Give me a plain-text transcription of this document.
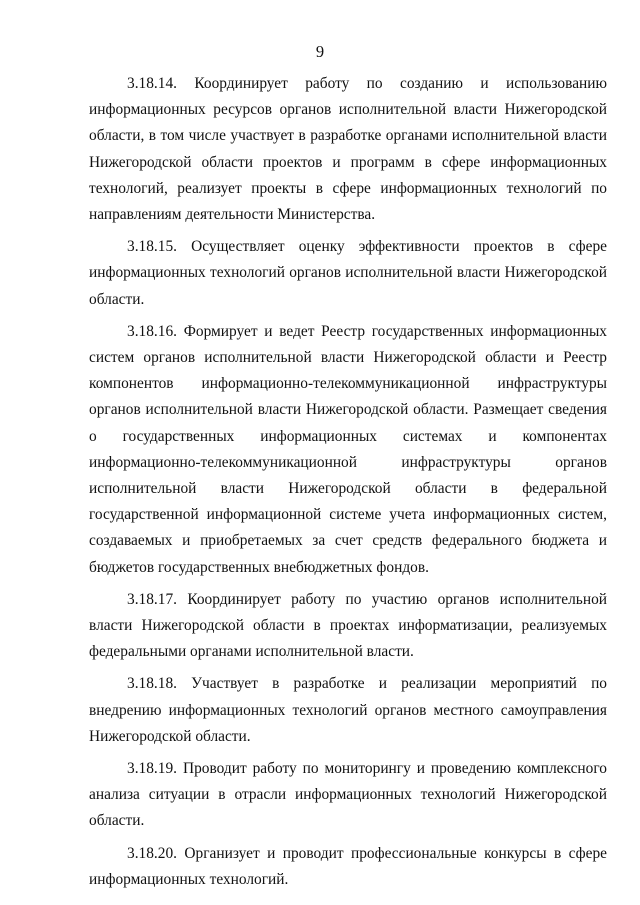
9

3.18.14. Координирует работу по созданию и использованию информационных ресурсов органов исполнительной власти Нижегородской области, в том числе участвует в разработке органами исполнительной власти Нижегородской области проектов и программ в сфере информационных технологий, реализует проекты в сфере информационных технологий по направлениям деятельности Министерства.

3.18.15. Осуществляет оценку эффективности проектов в сфере информационных технологий органов исполнительной власти Нижегородской области.

3.18.16. Формирует и ведет Реестр государственных информационных систем органов исполнительной власти Нижегородской области и Реестр компонентов информационно-телекоммуникационной инфраструктуры органов исполнительной власти Нижегородской области. Размещает сведения о государственных информационных системах и компонентах информационно-телекоммуникационной инфраструктуры органов исполнительной власти Нижегородской области в федеральной государственной информационной системе учета информационных систем, создаваемых и приобретаемых за счет средств федерального бюджета и бюджетов государственных внебюджетных фондов.

3.18.17. Координирует работу по участию органов исполнительной власти Нижегородской области в проектах информатизации, реализуемых федеральными органами исполнительной власти.

3.18.18. Участвует в разработке и реализации мероприятий по внедрению информационных технологий органов местного самоуправления Нижегородской области.

3.18.19. Проводит работу по мониторингу и проведению комплексного анализа ситуации в отрасли информационных технологий Нижегородской области.

3.18.20. Организует и проводит профессиональные конкурсы в сфере информационных технологий.
